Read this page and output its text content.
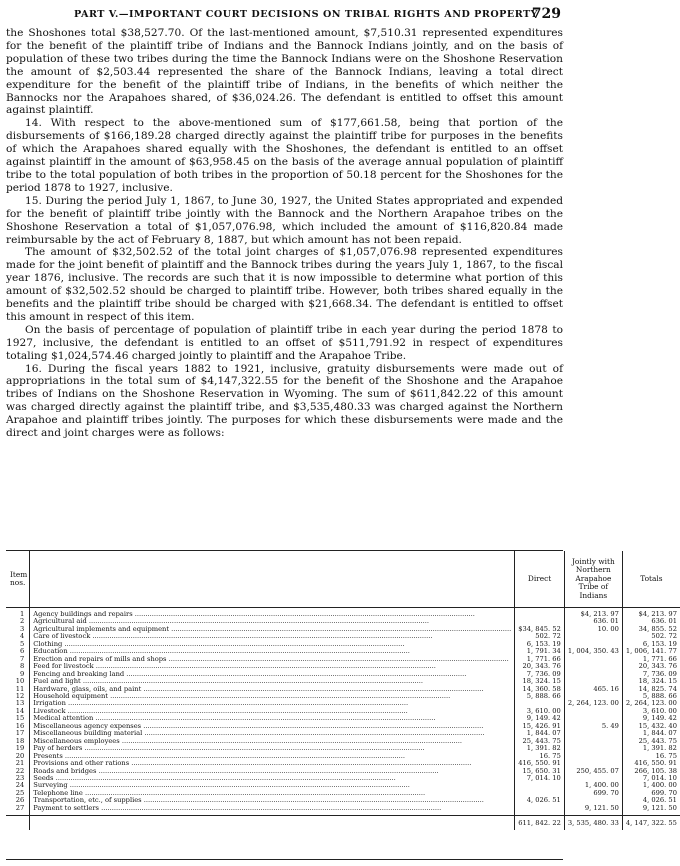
PART V.—IMPORTANT COURT DECISIONS ON TRIBAL RIGHTS AND PROPERTY
729

the Shoshones total $38,527.70. Of the last-mentioned amount, $7,510.31 represented expenditures for the benefit of the plaintiff tribe of Indians and the Bannock Indians jointly, and on the basis of population of these two tribes during the time the Bannock Indians were on the Shoshone Reservation the amount of $2,503.44 represented the share of the Bannock Indians, leaving a total direct expenditure for the benefit of the plaintiff tribe of Indians, in the benefits of which neither the Bannocks nor the Arapahoes shared, of $36,024.26. The defendant is entitled to offset this amount against plaintiff.

14. With respect to the above-mentioned sum of $177,661.58, being that portion of the disbursements of $166,189.28 charged directly against the plaintiff tribe for purposes in the benefits of which the Arapahoes shared equally with the Shoshones, the defendant is entitled to an offset against plaintiff in the amount of $63,958.45 on the basis of the average annual population of plaintiff tribe to the total population of both tribes in the proportion of 50.18 percent for the Shoshones for the period 1878 to 1927, inclusive.

15. During the period July 1, 1867, to June 30, 1927, the United States appropriated and expended for the benefit of plaintiff tribe jointly with the Bannock and the Northern Arapahoe tribes on the Shoshone Reservation a total of $1,057,076.98, which included the amount of $116,820.84 made reimbursable by the act of February 8, 1887, but which amount has not been repaid.

The amount of $32,502.52 of the total joint charges of $1,057,076.98 represented expenditures made for the joint benefit of plaintiff and the Bannock tribes during the years July 1, 1867, to the fiscal year 1876, inclusive. The records are such that it is now impossible to determine what portion of this amount of $32,502.52 should be charged to plaintiff tribe. However, both tribes shared equally in the benefits and the plaintiff tribe should be charged with $21,668.34. The defendant is entitled to offset this amount in respect of this item.

On the basis of percentage of population of plaintiff tribe in each year during the period 1878 to 1927, inclusive, the defendant is entitled to an offset of $511,791.92 in respect of expenditures totaling $1,024,574.46 charged jointly to plaintiff and the Arapahoe Tribe.

16. During the fiscal years 1882 to 1921, inclusive, gratuity disbursements were made out of appropriations in the total sum of $4,147,322.55 for the benefit of the Shoshone and the Arapahoe tribes of Indians on the Shoshone Reservation in Wyoming. The sum of $611,842.22 of this amount was charged directly against the plaintiff tribe, and $3,535,480.33 was charged against the Northern Arapahoe and plaintiff tribes jointly. The purposes for which these disbursements were made and the direct and joint charges were as follows:

Item nos.		Direct	Jointly with Northern Arapahoe Tribe of Indians	Totals
1	Agency buildings and repairs ................................................................................................................................................................		$4, 213. 97	$4, 213. 97
2	Agricultural aid ................................................................................................................................................................		636. 01	636. 01
3	Agricultural implements and equipment ................................................................................................................................................................	$34, 845. 52	10. 00	34, 855. 52
4	Care of livestock ................................................................................................................................................................	502. 72		502. 72
5	Clothing ................................................................................................................................................................	6, 153. 19		6, 153. 19
6	Education ................................................................................................................................................................	1, 791. 34	1, 004, 350. 43	1, 006, 141. 77
7	Erection and repairs of mills and shops ................................................................................................................................................................	1, 771. 66		1, 771. 66
8	Feed for livestock ................................................................................................................................................................	20, 343. 76		20, 343. 76
9	Fencing and breaking land ................................................................................................................................................................	7, 736. 09		7, 736. 09
10	Fuel and light ................................................................................................................................................................	18, 324. 15		18, 324. 15
11	Hardware, glass, oils, and paint ................................................................................................................................................................	14, 360. 58	465. 16	14, 825. 74
12	Household equipment ................................................................................................................................................................	5, 888. 66		5, 888. 66
13	Irrigation ................................................................................................................................................................		2, 264, 123. 00	2, 264, 123. 00
14	Livestock ................................................................................................................................................................	3, 610. 00		3, 610. 00
15	Medical attention ................................................................................................................................................................	9, 149. 42		9, 149. 42
16	Miscellaneous agency expenses ................................................................................................................................................................	15, 426. 91	5. 49	15, 432. 40
17	Miscellaneous building material ................................................................................................................................................................	1, 844. 07		1, 844. 07
18	Miscellaneous employees ................................................................................................................................................................	25, 443. 75		25, 443. 75
19	Pay of herders ................................................................................................................................................................	1, 391. 82		1, 391. 82
20	Presents ................................................................................................................................................................	16. 75		16. 75
21	Provisions and other rations ................................................................................................................................................................	416, 550. 91		416, 550. 91
22	Roads and bridges ................................................................................................................................................................	15, 650. 31	250, 455. 07	266, 105. 38
23	Seeds ................................................................................................................................................................	7, 014. 10		7, 014. 10
24	Surveying ................................................................................................................................................................		1, 400. 00	1, 400. 00
25	Telephone line ................................................................................................................................................................		699. 70	699. 70
26	Transportation, etc., of supplies ................................................................................................................................................................	4, 026. 51		4, 026. 51
27	Payment to settlers ................................................................................................................................................................		9, 121. 50	9, 121. 50

		611, 842. 22	3, 535, 480. 33	4, 147, 322. 55
